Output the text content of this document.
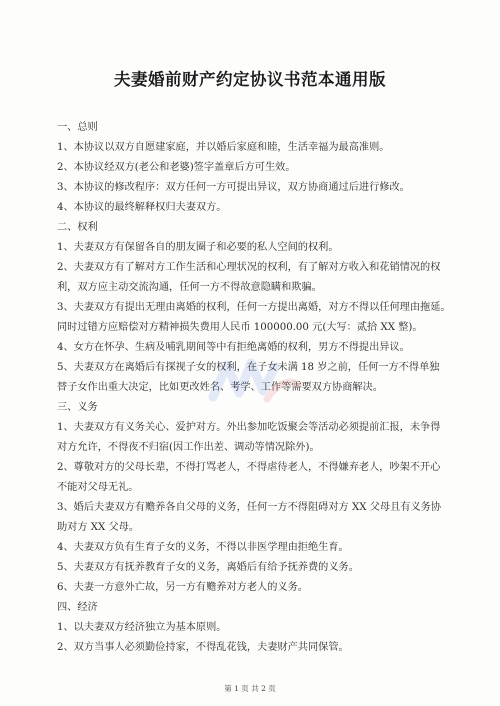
夫妻婚前财产约定协议书范本通用版
一、总则
1、本协议以双方自愿建家庭，并以婚后家庭和睦，生活幸福为最高准则。
2、本协议经双方(老公和老婆)签字盖章后方可生效。
3、本协议的修改程序：双方任何一方可提出异议，双方协商通过后进行修改。
4、本协议的最终解释权归夫妻双方。
二、权利
1、夫妻双方有保留各自的朋友圈子和必要的私人空间的权利。
2、夫妻双方有了解对方工作生活和心理状况的权利，有了解对方收入和花销情况的权
利，双方应主动交流沟通，任何一方不得故意隐瞒和欺骗。
3、夫妻双方有提出无理由离婚的权利，任何一方提出离婚，对方不得以任何理由拖延。
同时过错方应赔偿对方精神损失费用人民币 100000.00 元(大写：贰拾 XX 整)。
4、女方在怀孕、生病及哺乳期间等中有拒绝离婚的权利，男方不得提出异议。
5、夫妻双方在离婚后有探视子女的权利，在子女未满 18 岁之前，任何一方不得单独
替子女作出重大决定，比如更改姓名、考学、工作等需要双方协商解决。
三、义务
1、夫妻双方有义务关心、爱护对方。外出参加吃饭聚会等活动必须提前汇报，未争得
对方允许，不得夜不归宿(因工作出差、调动等情况除外)。
2、尊敬对方的父母长辈，不得打骂老人，不得虐待老人，不得嫌弃老人，吵架不开心
不能对父母无礼。
3、婚后夫妻双方有赡养各自父母的义务，任何一方不得阻碍对方 XX 父母且有义务协
助对方 XX 父母。
4、夫妻双方负有生育子女的义务，不得以非医学理由拒绝生育。
5、夫妻双方有抚养教育子女的义务，离婚后有给予抚养费的义务。
6、夫妻一方意外亡故，另一方有赡养对方老人的义务。
四、经济
1、以夫妻双方经济独立为基本原则。
2、双方当事人必须勤俭持家，不得乱花钱，夫妻财产共同保管。
第 1 页 共 2 页
